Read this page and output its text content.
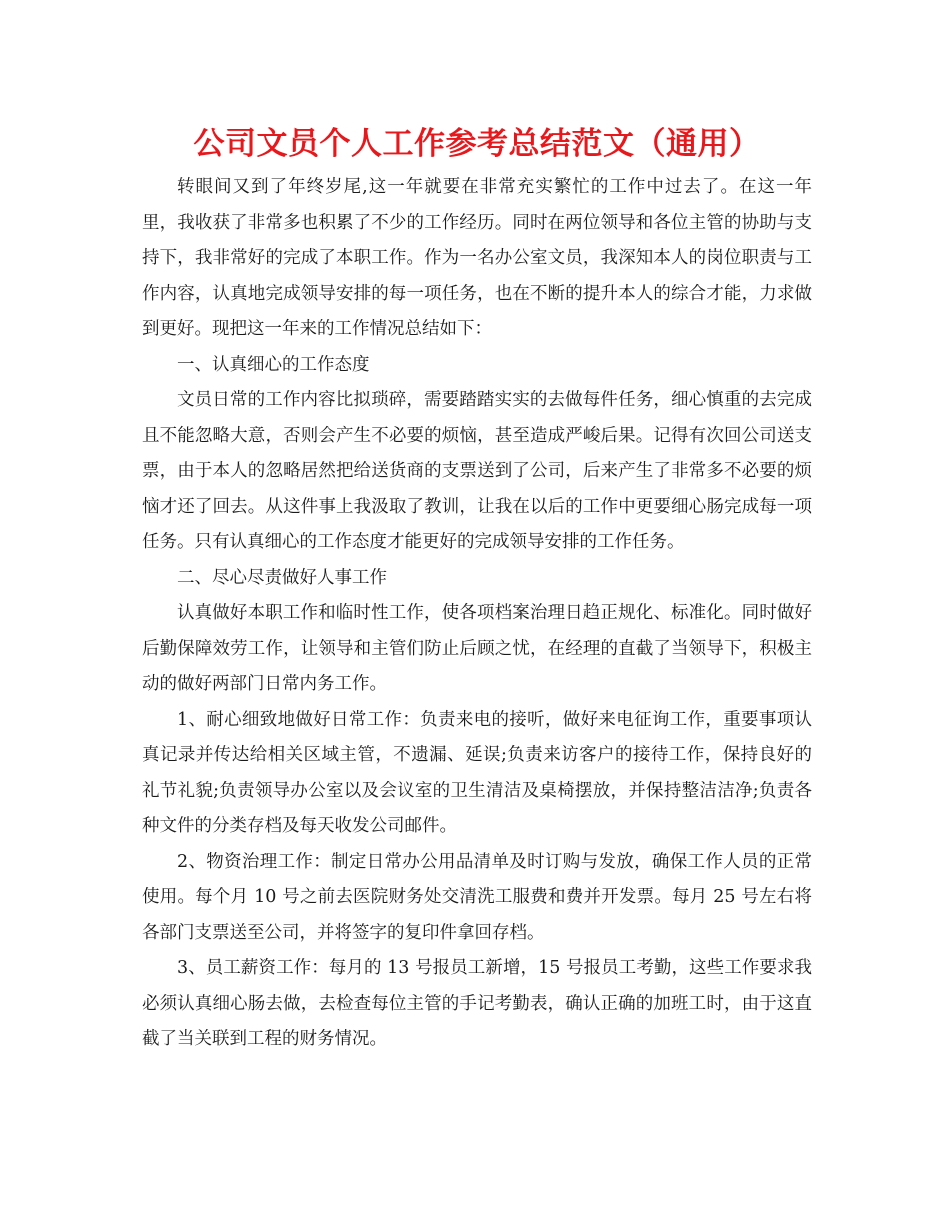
公司文员个人工作参考总结范文（通用）

转眼间又到了年终岁尾,这一年就要在非常充实繁忙的工作中过去了。在这一年里，我收获了非常多也积累了不少的工作经历。同时在两位领导和各位主管的协助与支持下，我非常好的完成了本职工作。作为一名办公室文员，我深知本人的岗位职责与工作内容，认真地完成领导安排的每一项任务，也在不断的提升本人的综合才能，力求做到更好。现把这一年来的工作情况总结如下：

一、认真细心的工作态度

文员日常的工作内容比拟琐碎，需要踏踏实实的去做每件任务，细心慎重的去完成且不能忽略大意，否则会产生不必要的烦恼，甚至造成严峻后果。记得有次回公司送支票，由于本人的忽略居然把给送货商的支票送到了公司，后来产生了非常多不必要的烦恼才还了回去。从这件事上我汲取了教训，让我在以后的工作中更要细心肠完成每一项任务。只有认真细心的工作态度才能更好的完成领导安排的工作任务。

二、尽心尽责做好人事工作

认真做好本职工作和临时性工作，使各项档案治理日趋正规化、标准化。同时做好后勤保障效劳工作，让领导和主管们防止后顾之忧，在经理的直截了当领导下，积极主动的做好两部门日常内务工作。

1、耐心细致地做好日常工作：负责来电的接听，做好来电征询工作，重要事项认真记录并传达给相关区域主管，不遗漏、延误;负责来访客户的接待工作，保持良好的礼节礼貌;负责领导办公室以及会议室的卫生清洁及桌椅摆放，并保持整洁洁净;负责各种文件的分类存档及每天收发公司邮件。

2、物资治理工作：制定日常办公用品清单及时订购与发放，确保工作人员的正常使用。每个月 10 号之前去医院财务处交清洗工服费和费并开发票。每月 25 号左右将各部门支票送至公司，并将签字的复印件拿回存档。

3、员工薪资工作：每月的 13 号报员工新增，15 号报员工考勤，这些工作要求我必须认真细心肠去做，去检查每位主管的手记考勤表，确认正确的加班工时，由于这直截了当关联到工程的财务情况。
